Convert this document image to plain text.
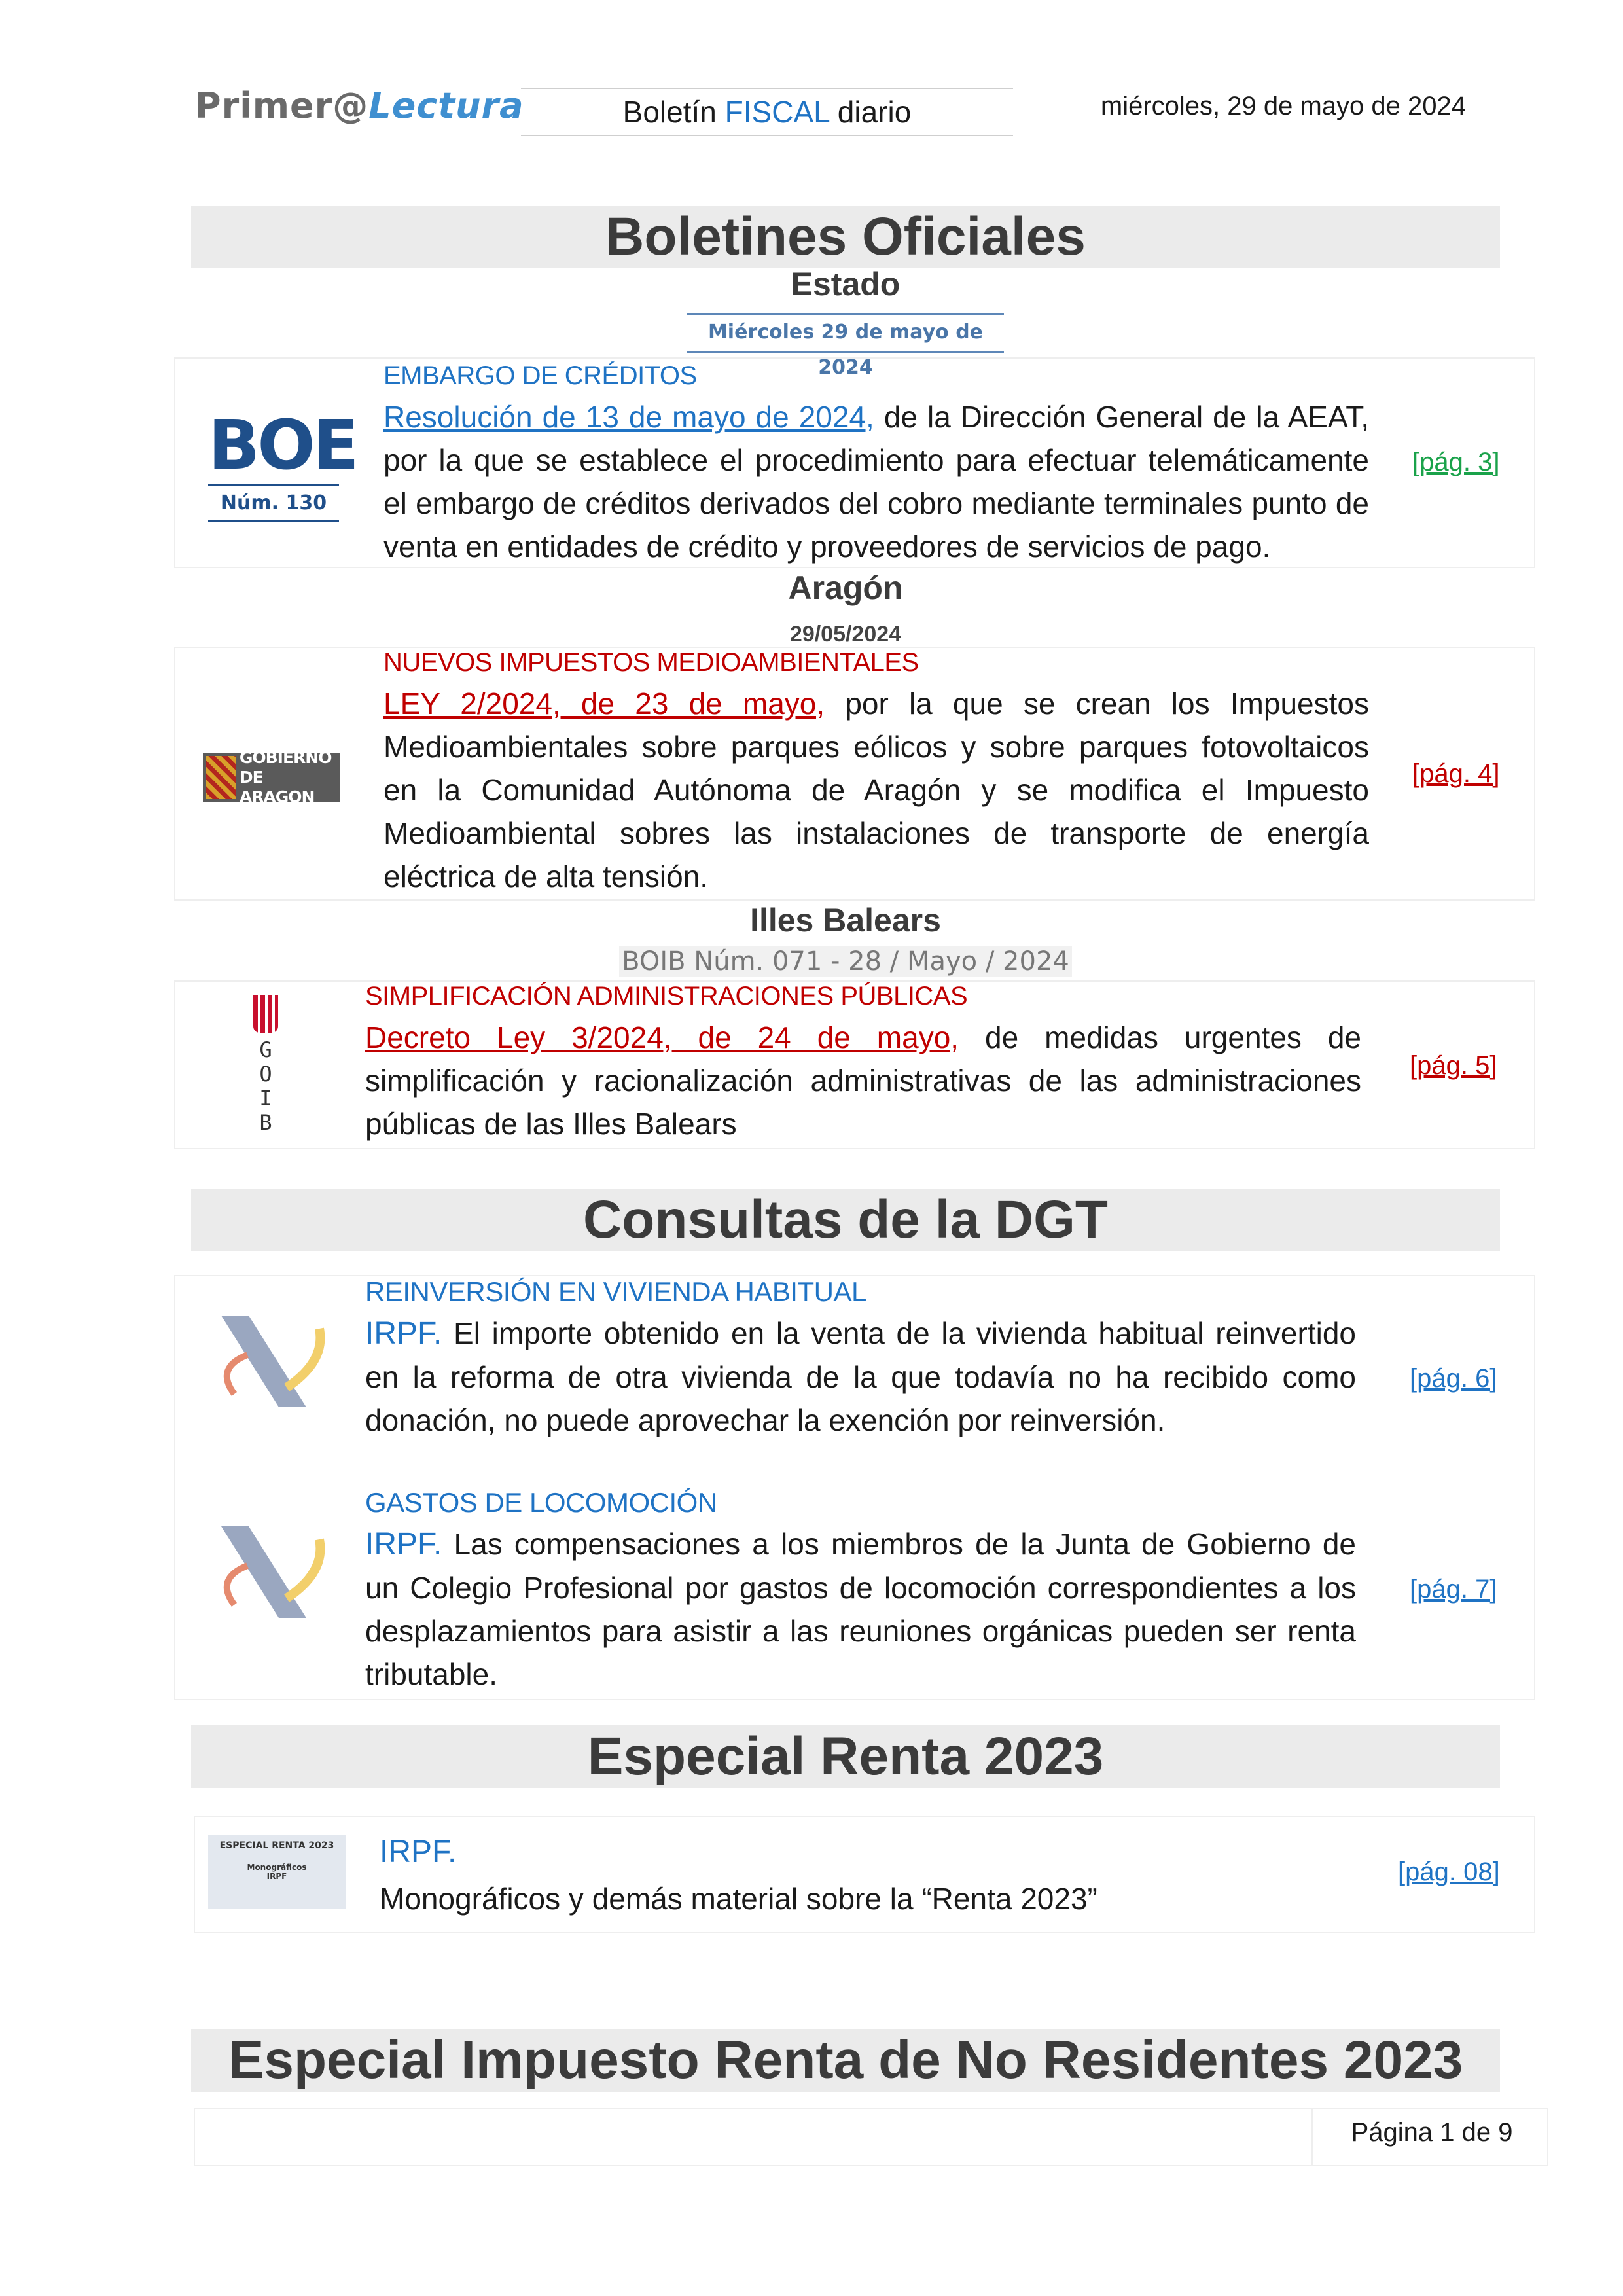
Primer@Lectura	Boletín FISCAL diario	miércoles, 29 de mayo de 2024
Boletines Oficiales
Estado
Miércoles 29 de mayo de 2024
BOE
Núm. 130
EMBARGO DE CRÉDITOS
Resolución de 13 de mayo de 2024, de la Dirección General de la AEAT, por la que se establece el procedimiento para efectuar telemáticamente el embargo de créditos derivados del cobro mediante terminales punto de venta en entidades de crédito y proveedores de servicios de pago.
[pág. 3]
Aragón
29/05/2024
GOBIERNO
DE ARAGON
NUEVOS IMPUESTOS MEDIOAMBIENTALES
LEY 2/2024, de 23 de mayo, por la que se crean los Impuestos Medioambientales sobre parques eólicos y sobre parques fotovoltaicos en la Comunidad Autónoma de Aragón y se modifica el Impuesto Medioambiental sobres las instalaciones de transporte de energía eléctrica de alta tensión.
[pág. 4]
Illes Balears
BOIB Núm. 071 - 28 / Mayo / 2024
G
O
I
B
SIMPLIFICACIÓN ADMINISTRACIONES PÚBLICAS
Decreto Ley 3/2024, de 24 de mayo, de medidas urgentes de simplificación y racionalización administrativas de las administraciones públicas de las Illes Balears
[pág. 5]
Consultas de la DGT
REINVERSIÓN EN VIVIENDA HABITUAL
IRPF. El importe obtenido en la venta de la vivienda habitual reinvertido en la reforma de otra vivienda de la que todavía no ha recibido como donación, no puede aprovechar la exención por reinversión.
[pág. 6]
GASTOS DE LOCOMOCIÓN
IRPF. Las compensaciones a los miembros de la Junta de Gobierno de un Colegio Profesional por gastos de locomoción correspondientes a los desplazamientos para asistir a las reuniones orgánicas pueden ser renta tributable.
[pág. 7]
Especial Renta 2023
ESPECIAL RENTA 2023
Monográficos
IRPF
IRPF.
Monográficos y demás material sobre la “Renta 2023”
[pág. 08]
Especial Impuesto Renta de No Residentes 2023
Página 1 de 9
